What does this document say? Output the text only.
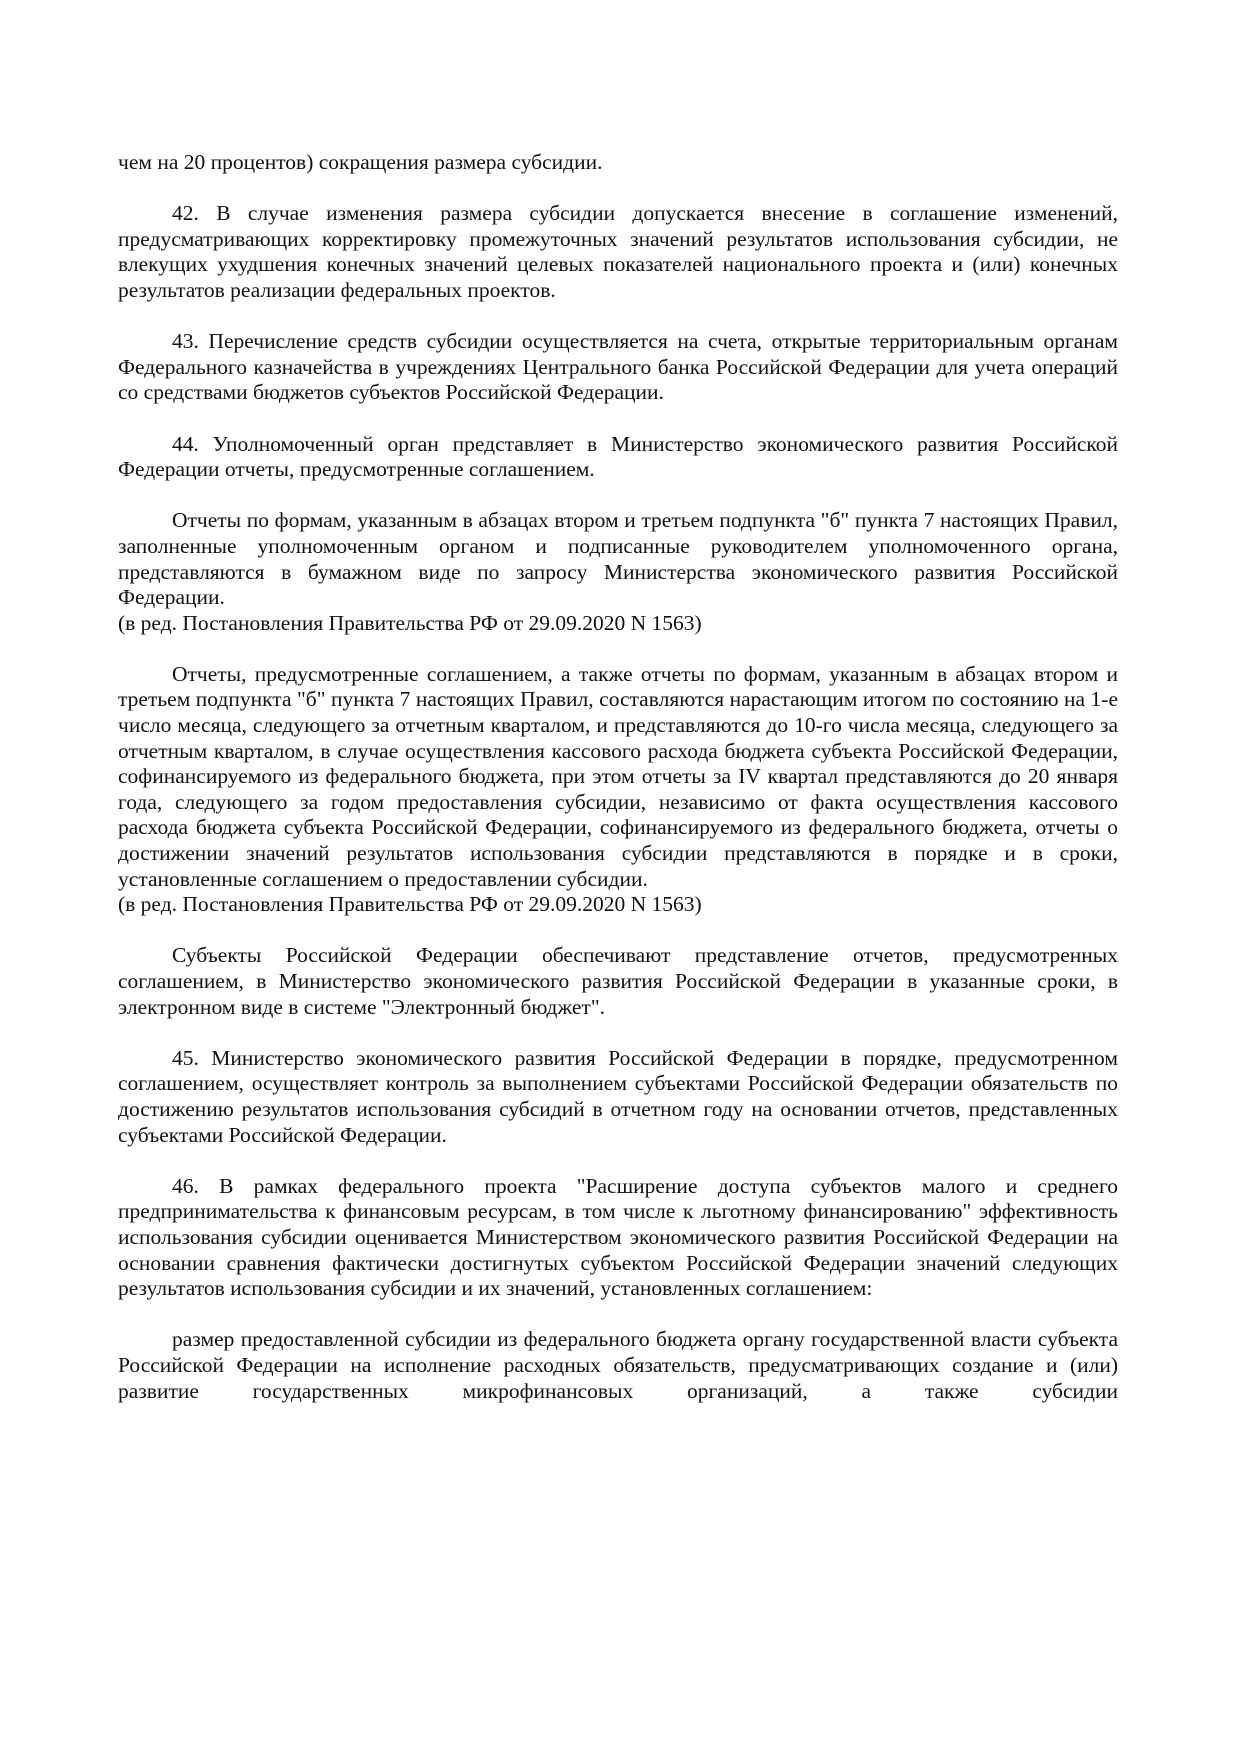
чем на 20 процентов) сокращения размера субсидии.

42. В случае изменения размера субсидии допускается внесение в соглашение изменений, предусматривающих корректировку промежуточных значений результатов использования субсидии, не влекущих ухудшения конечных значений целевых показателей национального проекта и (или) конечных результатов реализации федеральных проектов.

43. Перечисление средств субсидии осуществляется на счета, открытые территориальным органам Федерального казначейства в учреждениях Центрального банка Российской Федерации для учета операций со средствами бюджетов субъектов Российской Федерации.

44. Уполномоченный орган представляет в Министерство экономического развития Российской Федерации отчеты, предусмотренные соглашением.

Отчеты по формам, указанным в абзацах втором и третьем подпункта "б" пункта 7 настоящих Правил, заполненные уполномоченным органом и подписанные руководителем уполномоченного органа, представляются в бумажном виде по запросу Министерства экономического развития Российской Федерации.

(в ред. Постановления Правительства РФ от 29.09.2020 N 1563)

Отчеты, предусмотренные соглашением, а также отчеты по формам, указанным в абзацах втором и третьем подпункта "б" пункта 7 настоящих Правил, составляются нарастающим итогом по состоянию на 1-е число месяца, следующего за отчетным кварталом, и представляются до 10-го числа месяца, следующего за отчетным кварталом, в случае осуществления кассового расхода бюджета субъекта Российской Федерации, софинансируемого из федерального бюджета, при этом отчеты за IV квартал представляются до 20 января года, следующего за годом предоставления субсидии, независимо от факта осуществления кассового расхода бюджета субъекта Российской Федерации, софинансируемого из федерального бюджета, отчеты о достижении значений результатов использования субсидии представляются в порядке и в сроки, установленные соглашением о предоставлении субсидии.

(в ред. Постановления Правительства РФ от 29.09.2020 N 1563)

Субъекты Российской Федерации обеспечивают представление отчетов, предусмотренных соглашением, в Министерство экономического развития Российской Федерации в указанные сроки, в электронном виде в системе "Электронный бюджет".

45. Министерство экономического развития Российской Федерации в порядке, предусмотренном соглашением, осуществляет контроль за выполнением субъектами Российской Федерации обязательств по достижению результатов использования субсидий в отчетном году на основании отчетов, представленных субъектами Российской Федерации.

46. В рамках федерального проекта "Расширение доступа субъектов малого и среднего предпринимательства к финансовым ресурсам, в том числе к льготному финансированию" эффективность использования субсидии оценивается Министерством экономического развития Российской Федерации на основании сравнения фактически достигнутых субъектом Российской Федерации значений следующих результатов использования субсидии и их значений, установленных соглашением:

размер предоставленной субсидии из федерального бюджета органу государственной власти субъекта Российской Федерации на исполнение расходных обязательств, предусматривающих создание и (или) развитие государственных микрофинансовых организаций, а также субсидии
